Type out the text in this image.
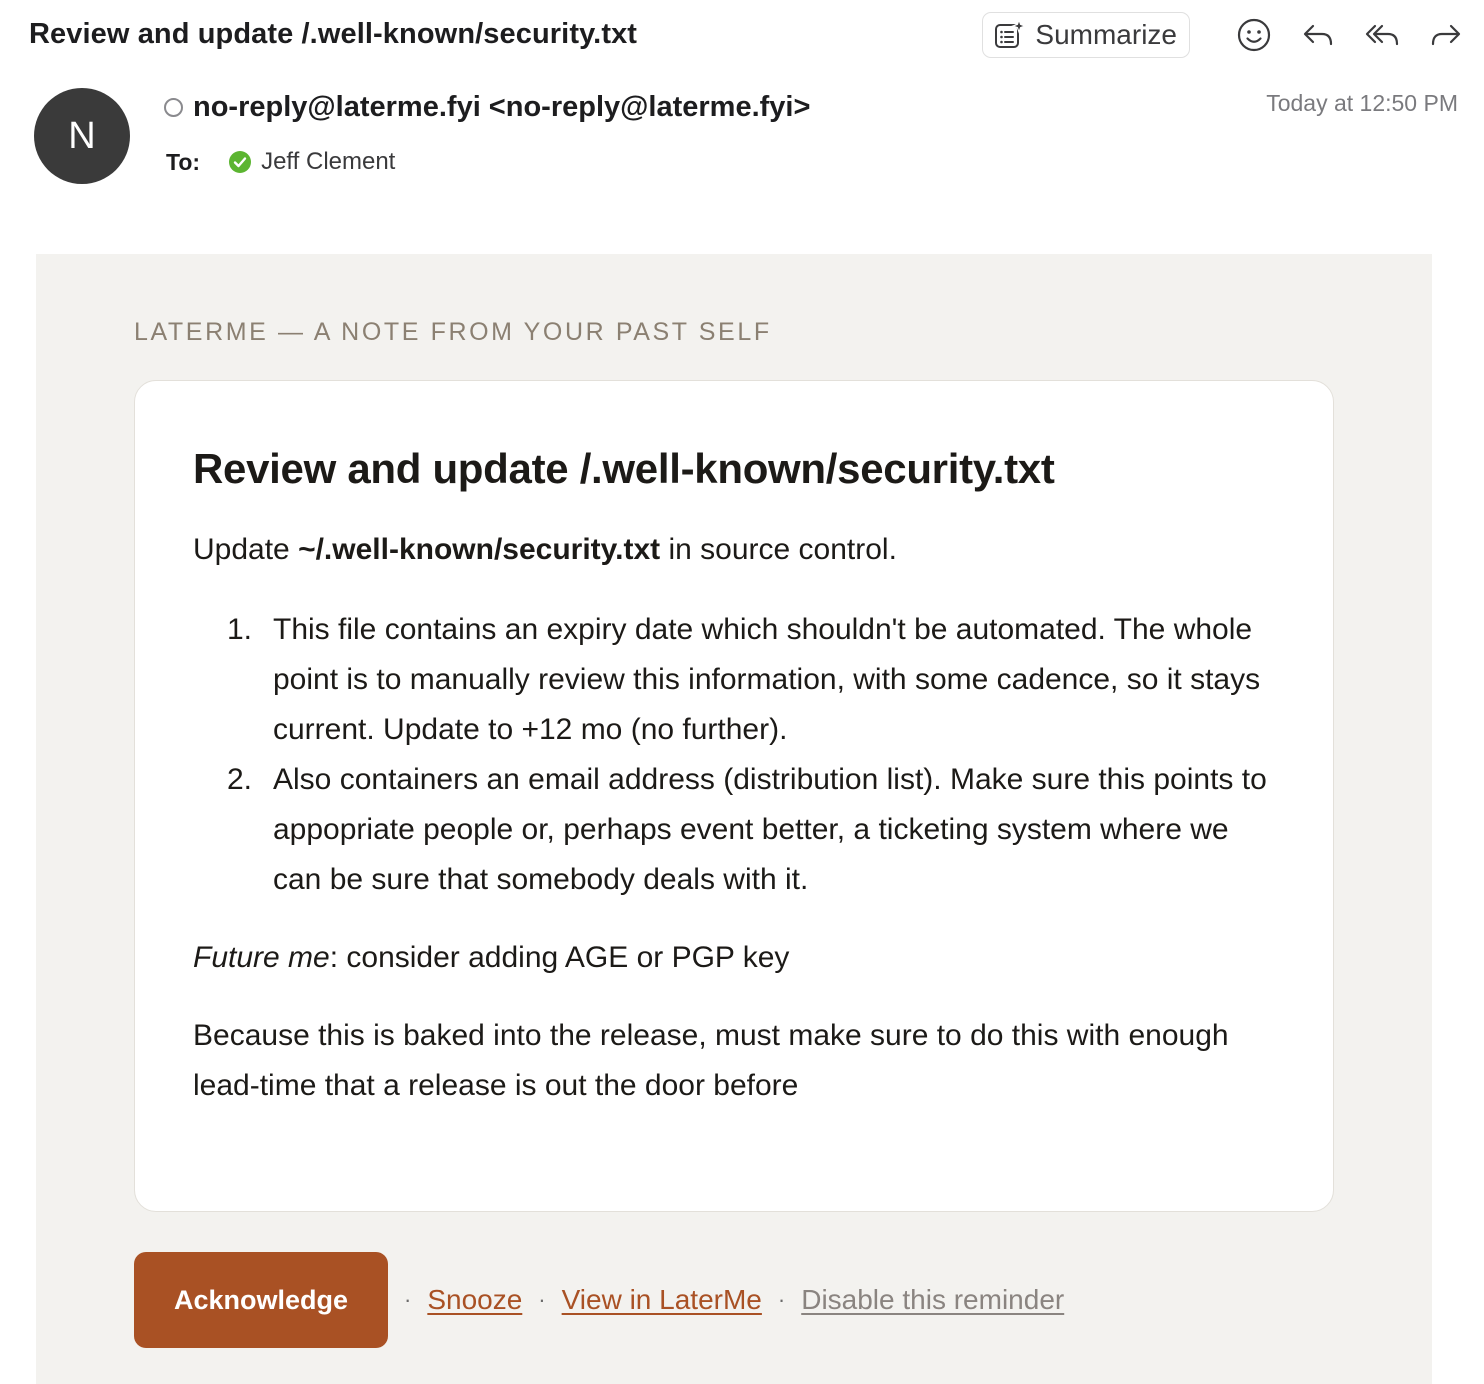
Review and update /.well-known/security.txt	Summarize
N
no-reply@laterme.fyi <no-reply@laterme.fyi>
To:	Jeff Clement
Today at 12:50 PM
LATERME — A NOTE FROM YOUR PAST SELF
Review and update /.well-known/security.txt

Update ~/.well-known/security.txt in source control.

1. This file contains an expiry date which shouldn't be automated. The whole point is to manually review this information, with some cadence, so it stays current. Update to +12 mo (no further).
2. Also containers an email address (distribution list). Make sure this points to appopriate people or, perhaps event better, a ticketing system where we can be sure that somebody deals with it.

Future me: consider adding AGE or PGP key

Because this is baked into the release, must make sure to do this with enough lead-time that a release is out the door before

Acknowledge	· Snooze · View in LaterMe · Disable this reminder
